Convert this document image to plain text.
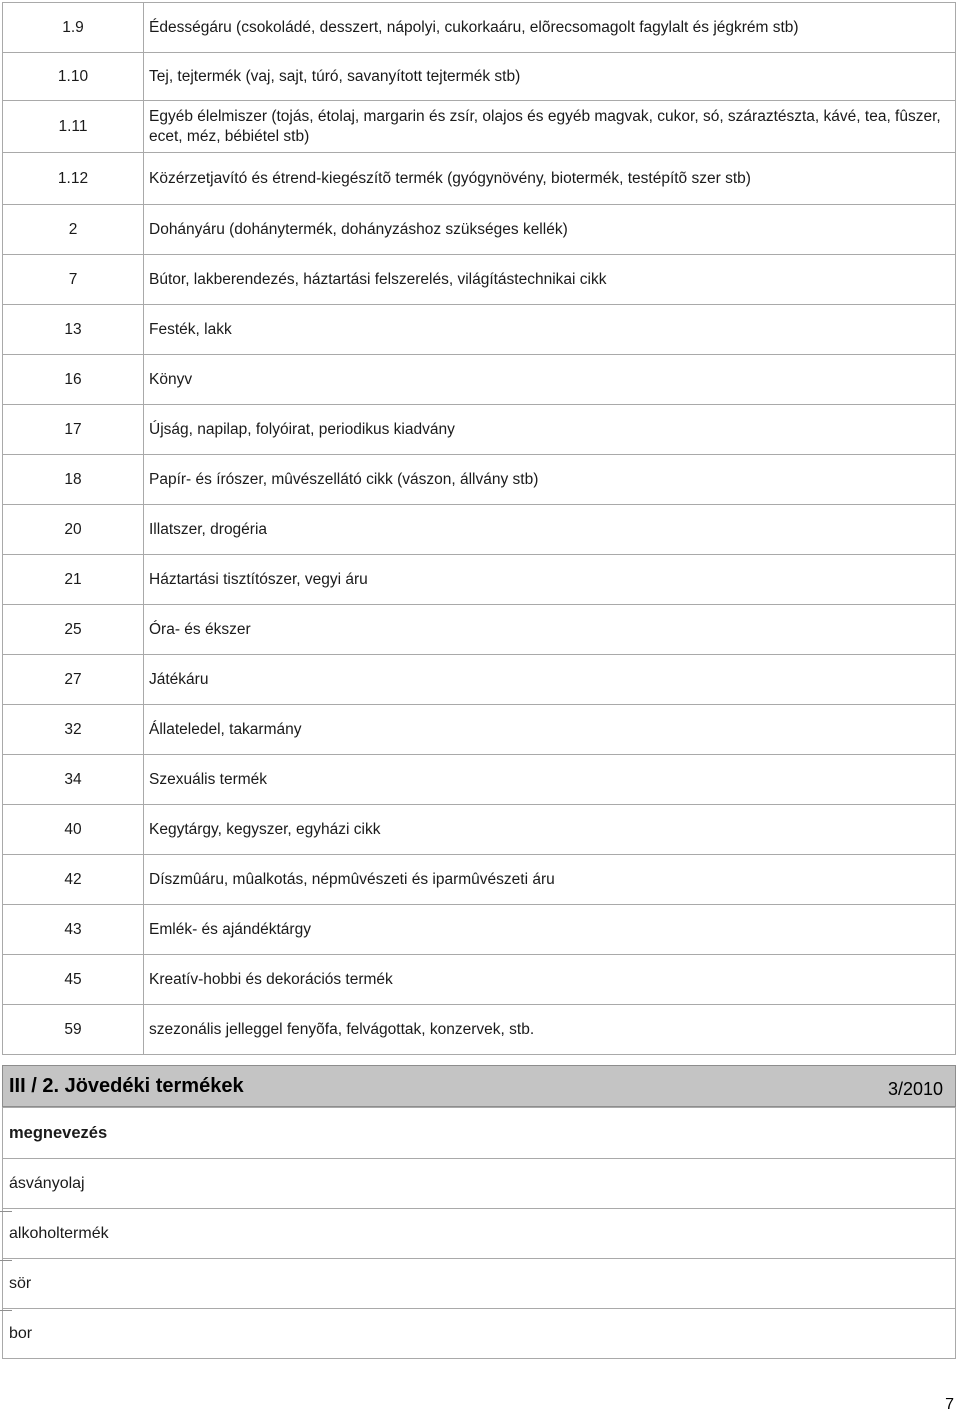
1.9	Édességáru (csokoládé, desszert, nápolyi, cukorkaáru, elõrecsomagolt fagylalt és jégkrém stb)
1.10	Tej, tejtermék (vaj, sajt, túró, savanyított tejtermék stb)
1.11	Egyéb élelmiszer (tojás, étolaj, margarin és zsír, olajos és egyéb magvak, cukor, só, száraztészta, kávé, tea, fûszer, ecet, méz, bébiétel stb)
1.12	Közérzetjavító és étrend-kiegészítõ termék (gyógynövény, biotermék, testépítõ szer stb)
2	Dohányáru (dohánytermék, dohányzáshoz szükséges kellék)
7	Bútor, lakberendezés, háztartási felszerelés, világítástechnikai cikk
13	Festék, lakk
16	Könyv
17	Újság, napilap, folyóirat, periodikus kiadvány
18	Papír- és írószer, mûvészellátó cikk (vászon, állvány stb)
20	Illatszer, drogéria
21	Háztartási tisztítószer, vegyi áru
25	Óra- és ékszer
27	Játékáru
32	Állateledel, takarmány
34	Szexuális termék
40	Kegytárgy, kegyszer, egyházi cikk
42	Díszmûáru, mûalkotás, népmûvészeti és iparmûvészeti áru
43	Emlék- és ajándéktárgy
45	Kreatív-hobbi és dekorációs termék
59	szezonális jelleggel fenyõfa, felvágottak, konzervek, stb.
III / 2. Jövedéki termékek	3/2010
megnevezés
ásványolaj
alkoholtermék
sör
bor
7
